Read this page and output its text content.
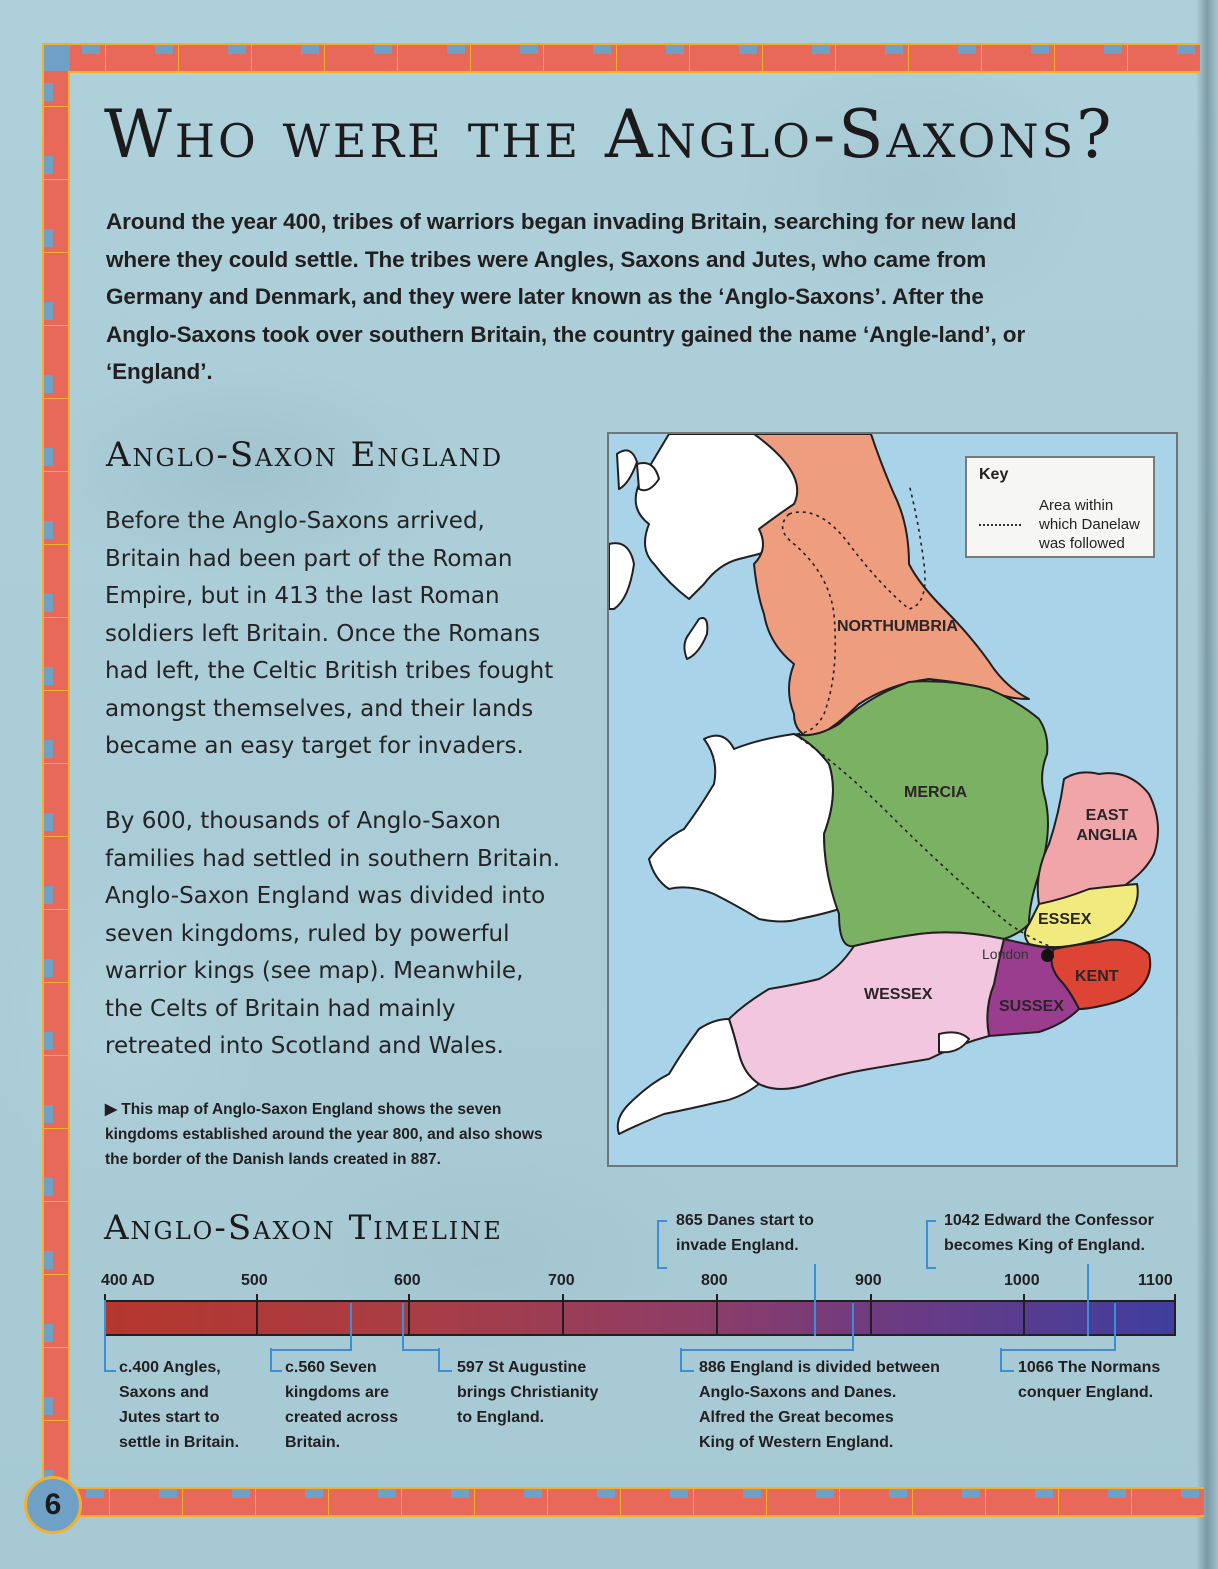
6
Who were the Anglo-Saxons?
Around the year 400, tribes of warriors began invading Britain, searching for new land where they could settle. The tribes were Angles, Saxons and Jutes, who came from Germany and Denmark, and they were later known as the ‘Anglo-Saxons’. After the Anglo-Saxons took over southern Britain, the country gained the name ‘Angle-land’, or ‘England’.
Anglo-Saxon England
Before the Anglo-Saxons arrived, Britain had been part of the Roman Empire, but in 413 the last Roman soldiers left Britain. Once the Romans had left, the Celtic British tribes fought amongst themselves, and their lands became an easy target for invaders.
By 600, thousands of Anglo-Saxon families had settled in southern Britain. Anglo-Saxon England was divided into seven kingdoms, ruled by powerful warrior kings (see map). Meanwhile, the Celts of Britain had mainly retreated into Scotland and Wales.
▶ This map of Anglo-Saxon England shows the seven kingdoms established around the year 800, and also shows the border of the Danish lands created in 887.
Key
Area within which Danelaw was followed
NORTHUMBRIA
MERCIA
EAST ANGLIA
ESSEX
KENT
SUSSEX
WESSEX
London
Anglo-Saxon Timeline
400 AD	500	600	700	800	900	1000	1100
865 Danes start to
invade England.
1042 Edward the Confessor
becomes King of England.
c.400 Angles,
Saxons and
Jutes start to
settle in Britain.
c.560 Seven
kingdoms are
created across
Britain.
597 St Augustine
brings Christianity
to England.
886 England is divided between
Anglo-Saxons and Danes.
Alfred the Great becomes
King of Western England.
1066 The Normans
conquer England.
